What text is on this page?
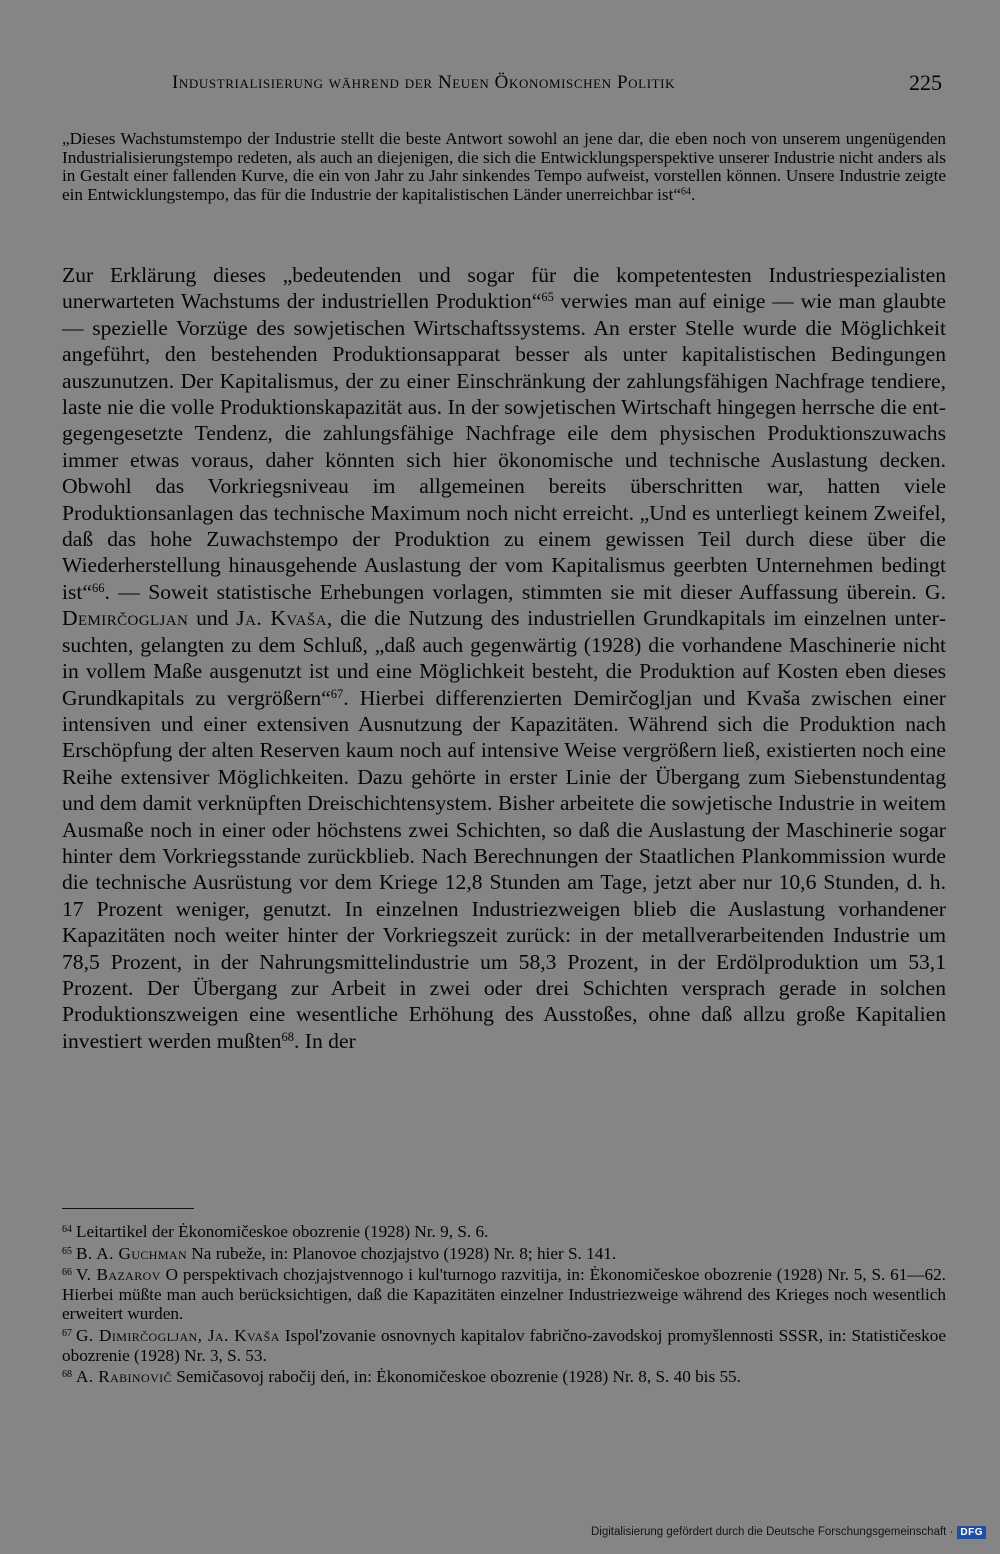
Industrialisierung während der Neuen Ökonomischen Politik	225

„Dieses Wachstumstempo der Industrie stellt die beste Antwort sowohl an jene dar, die eben noch von unserem ungenügenden Industrialisierungstempo redeten, als auch an diejenigen, die sich die Entwicklungsperspektive unserer Industrie nicht anders als in Gestalt einer fallenden Kurve, die ein von Jahr zu Jahr sinkendes Tempo aufweist, vorstellen können. Unsere Industrie zeigte ein Entwicklungstempo, das für die Industrie der kapitalistischen Länder unerreichbar ist“$^{64}$.

Zur Erklärung dieses „bedeutenden und sogar für die kompetentesten Industriespezialisten unerwarteten Wachstums der industriellen Produktion“$^{65}$ verwies man auf einige — wie man glaubte — spezielle Vorzüge des sowjetischen Wirtschaftssystems. An erster Stelle wurde die Möglichkeit angeführt, den bestehenden Produktionsapparat besser als unter kapitalistischen Bedingungen auszunutzen. Der Kapitalismus, der zu einer Einschränkung der zahlungsfähigen Nachfrage tendiere, laste nie die volle Produktionskapazität aus. In der sowjetischen Wirtschaft hingegen herrsche die entgegengesetzte Tendenz, die zahlungsfähige Nachfrage eile dem physischen Produktionszuwachs immer etwas voraus, daher könnten sich hier ökonomische und technische Auslastung decken. Obwohl das Vorkriegsniveau im allgemeinen bereits überschritten war, hatten viele Produktionsanlagen das technische Maximum noch nicht erreicht. „Und es unterliegt keinem Zweifel, daß das hohe Zuwachstempo der Produktion zu einem gewissen Teil durch diese über die Wiederherstellung hinausgehende Auslastung der vom Kapitalismus geerbten Unternehmen bedingt ist“$^{66}$. — Soweit statistische Erhebungen vorlagen, stimmten sie mit dieser Auffassung überein. G. Demirčogljan und Ja. Kvaša, die die Nutzung des industriellen Grundkapitals im einzelnen untersuchten, gelangten zu dem Schluß, „daß auch gegenwärtig (1928) die vorhandene Maschinerie nicht in vollem Maße ausgenutzt ist und eine Möglichkeit besteht, die Produktion auf Kosten eben dieses Grundkapitals zu vergrößern“$^{67}$. Hierbei differenzierten Demirčogljan und Kvaša zwischen einer intensiven und einer extensiven Ausnutzung der Kapazitäten. Während sich die Produktion nach Erschöpfung der alten Reserven kaum noch auf intensive Weise vergrößern ließ, existierten noch eine Reihe extensiver Möglichkeiten. Dazu gehörte in erster Linie der Übergang zum Siebenstundentag und dem damit verknüpften Dreischichtensystem. Bisher arbeitete die sowjetische Industrie in weitem Ausmaße noch in einer oder höchstens zwei Schichten, so daß die Auslastung der Maschinerie sogar hinter dem Vorkriegsstande zurückblieb. Nach Berechnungen der Staatlichen Plankommission wurde die technische Ausrüstung vor dem Kriege 12,8 Stunden am Tage, jetzt aber nur 10,6 Stunden, d. h. 17 Prozent weniger, genutzt. In einzelnen Industriezweigen blieb die Auslastung vorhandener Kapazitäten noch weiter hinter der Vorkriegszeit zurück: in der metallverarbeitenden Industrie um 78,5 Prozent, in der Nahrungsmittelindustrie um 58,3 Prozent, in der Erdölproduktion um 53,1 Prozent. Der Übergang zur Arbeit in zwei oder drei Schichten versprach gerade in solchen Produktionszweigen eine wesentliche Erhöhung des Ausstoßes, ohne daß allzu große Kapitalien investiert werden mußten$^{68}$. In der

$^{64}$ Leitartikel der Ėkonomičeskoe obozrenie (1928) Nr. 9, S. 6.

$^{65}$ B. A. Guchman Na rubeže, in: Planovoe chozjajstvo (1928) Nr. 8; hier S. 141.

$^{66}$ V. Bazarov O perspektivach chozjajstvennogo i kul'turnogo razvitija, in: Ėkonomičeskoe obozrenie (1928) Nr. 5, S. 61—62. Hierbei müßte man auch berücksichtigen, daß die Kapazitäten einzelner Industriezweige während des Krieges noch wesentlich erweitert wurden.

$^{67}$ G. Dimirčogljan, Ja. Kvaša Ispol'zovanie osnovnych kapitalov fabrično-zavodskoj promyšlennosti SSSR, in: Statističeskoe obozrenie (1928) Nr. 3, S. 53.

$^{68}$ A. Rabinovič Semičasovoj rabočij deń, in: Ėkonomičeskoe obozrenie (1928) Nr. 8, S. 40 bis 55.

Digitalisierung gefördert durch die Deutsche Forschungsgemeinschaft · DFG
